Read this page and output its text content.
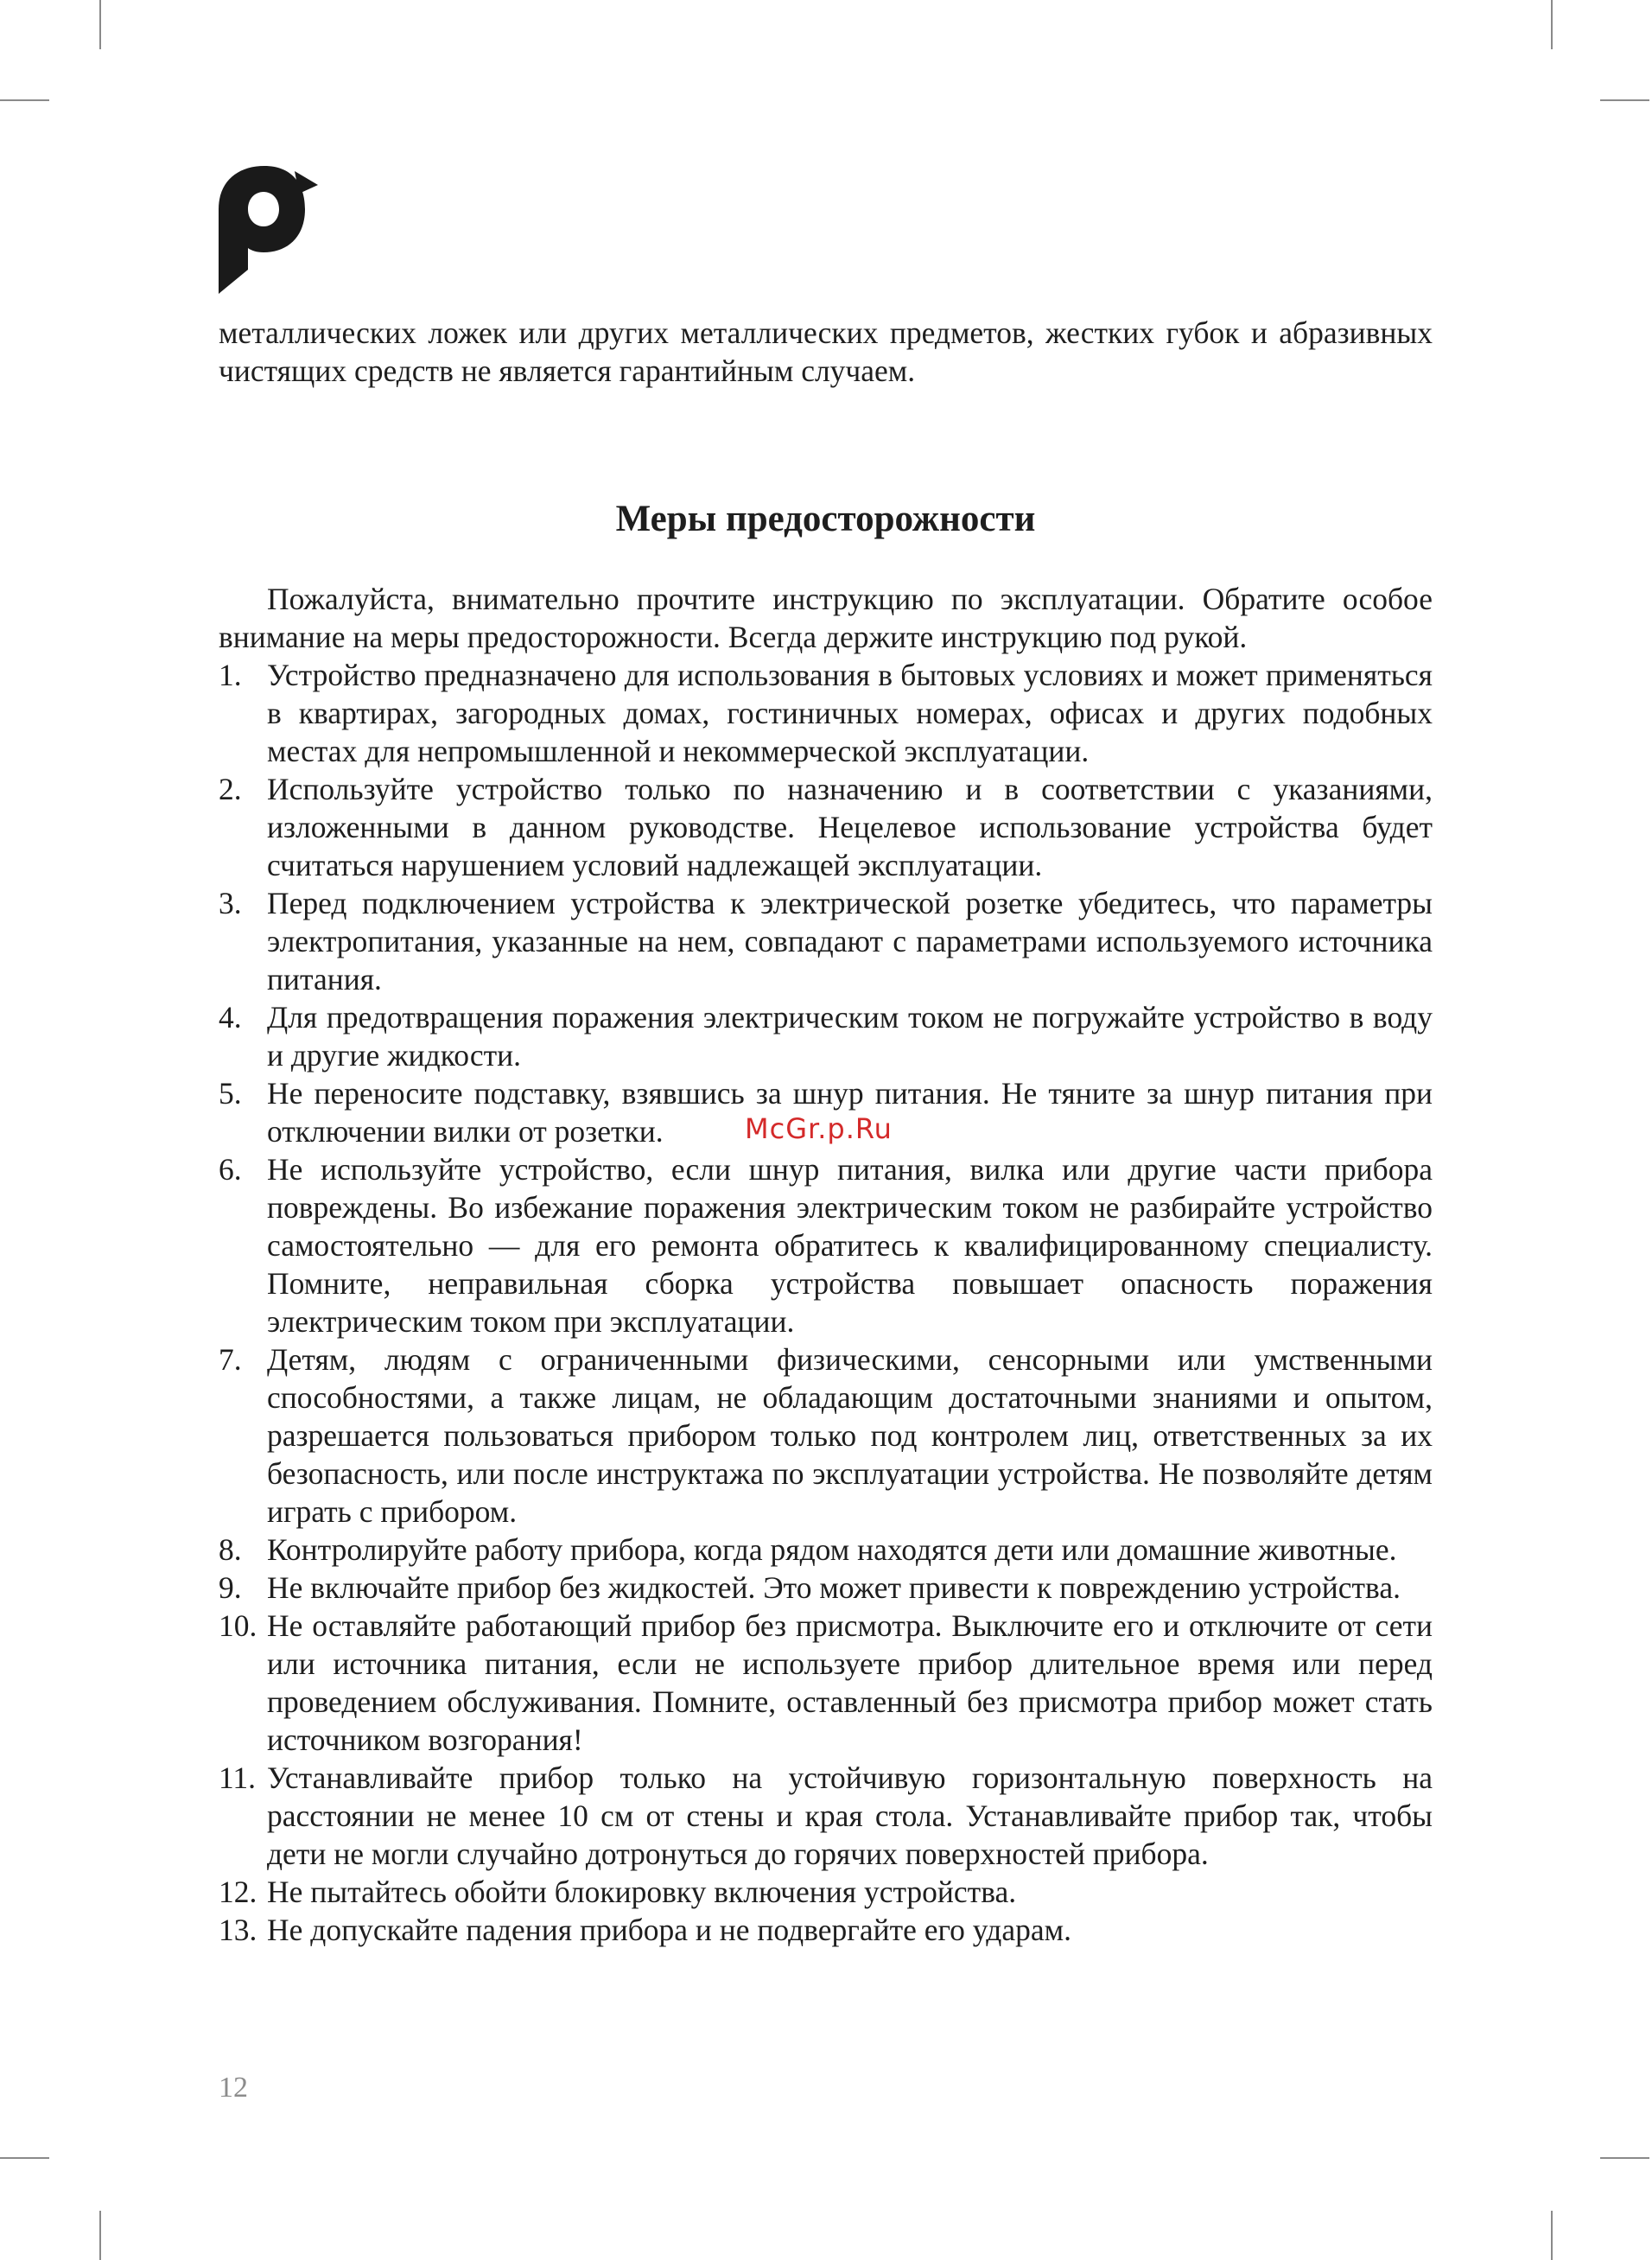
металлических ложек или других металлических предметов, жестких губок и абразивных чистящих средств не является гарантийным случаем.

Меры предосторожности

Пожалуйста, внимательно прочтите инструкцию по эксплуатации. Обратите особое внимание на меры предосторожности. Всегда держите инструкцию под рукой.

1. Устройство предназначено для использования в бытовых условиях и может применяться в квартирах, загородных домах, гостиничных номерах, офисах и других подобных местах для непромышленной и некоммерческой эксплуатации.
2. Используйте устройство только по назначению и в соответствии с указаниями, изложенными в данном руководстве. Нецелевое использование устройства будет считаться нарушением условий надлежащей эксплуатации.
3. Перед подключением устройства к электрической розетке убедитесь, что параметры электропитания, указанные на нем, совпадают с параметрами используемого источника питания.
4. Для предотвращения поражения электрическим током не погружайте устройство в воду и другие жидкости.
5. Не переносите подставку, взявшись за шнур питания. Не тяните за шнур питания при отключении вилки от розетки.
6. Не используйте устройство, если шнур питания, вилка или другие части прибора повреждены. Во избежание поражения электрическим током не разбирайте устройство самостоятельно — для его ремонта обратитесь к квалифицированному специалисту. Помните, неправильная сборка устройства повышает опасность поражения электрическим током при эксплуатации.
7. Детям, людям с ограниченными физическими, сенсорными или умственными способностями, а также лицам, не обладающим достаточными знаниями и опытом, разрешается пользоваться прибором только под контролем лиц, ответственных за их безопасность, или после инструктажа по эксплуатации устройства. Не позволяйте детям играть с прибором.
8. Контролируйте работу прибора, когда рядом находятся дети или домашние животные.
9. Не включайте прибор без жидкостей. Это может привести к повреждению устройства.
10. Не оставляйте работающий прибор без присмотра. Выключите его и отключите от сети или источника питания, если не используете прибор длительное время или перед проведением обслуживания. Помните, оставленный без присмотра прибор может стать источником возгорания!
11. Устанавливайте прибор только на устойчивую горизонтальную поверхность на расстоянии не менее 10 см от стены и края стола. Устанавливайте прибор так, чтобы дети не могли случайно дотронуться до горячих поверхностей прибора.
12. Не пытайтесь обойти блокировку включения устройства.
13. Не допускайте падения прибора и не подвергайте его ударам.
McGr.p.Ru
12
